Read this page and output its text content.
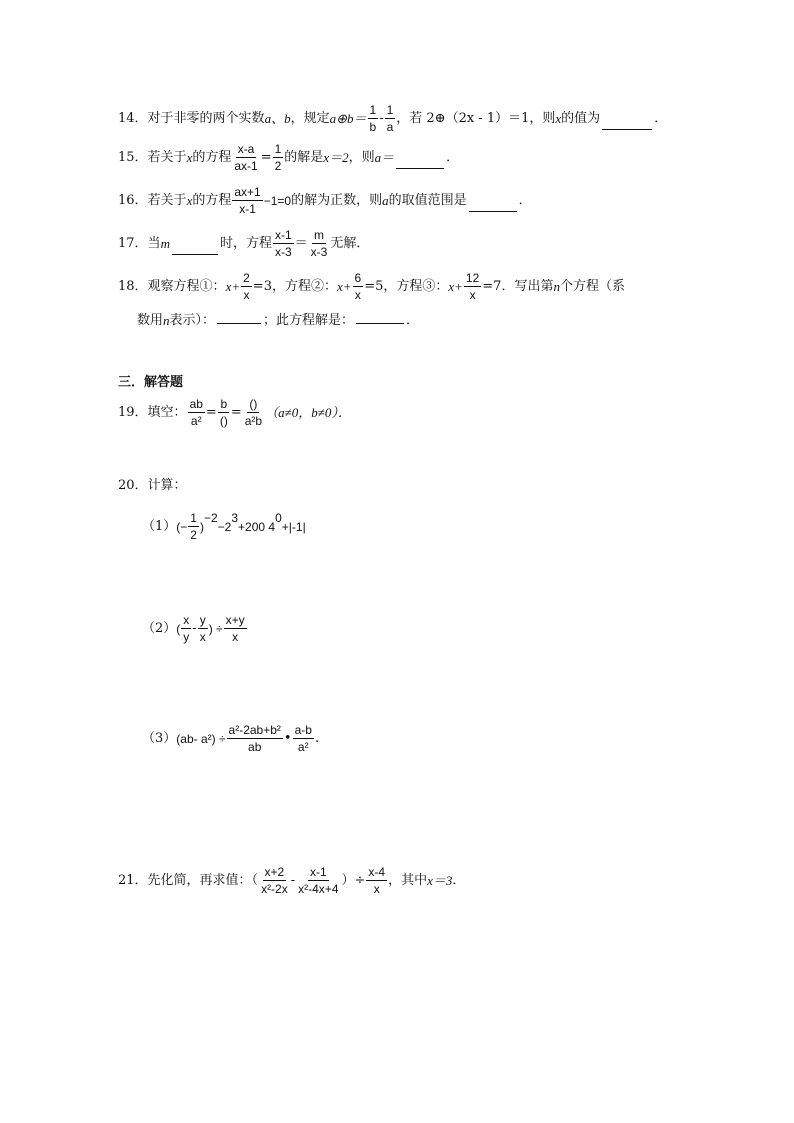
14． 对于非零的两个实数 a、b ，规定 a⊕b＝
1
b
-
1
a
，若 2⊕（2x - 1）＝1，则 x 的值为	．
15． 若关于 x 的方程 $\frac{x-a}{ax-1} = \frac{1}{2}$ 的解是 x＝2 ，则 a＝	．
16． 若关于 x 的方程
ax+1
x-1
−1=0 的解为正数，则 a 的取值范围是	．
17． 当 m	时，方程
x-1
x-3
＝
m
x-3
无解．
18． 观察方程①： $x+ \frac{2}{x} =3$，方程②： $x+ \frac{6}{x} =5$，方程③： $x+ \frac{12}{x} =7$．写出第 n 个方程（系
数用 n 表示）：	；此方程解是：	．
三．解答题
19． 填空： $\frac{ab}{\text{a²}}$ =
b
()
=
()
a²b
（a≠0，b≠0）．
20． 计算：
（1） (− $\frac{1}{2}$ )
−2
−2
3
+200 4
0
+|-1|
（2） (
x
y
-
y
x
) ÷ $\frac{x+y}{x}$
（3） (ab- $a^2) \div \frac{\text{a²-2ab+b²}}{ab}$ •
a-b
a²
.
21． 先化简，再求值：（
x+2
x²-2x
-
x-1
x²-4x+4
）÷ $\frac{x-4}{x}$ ，其中 x＝3 ．
